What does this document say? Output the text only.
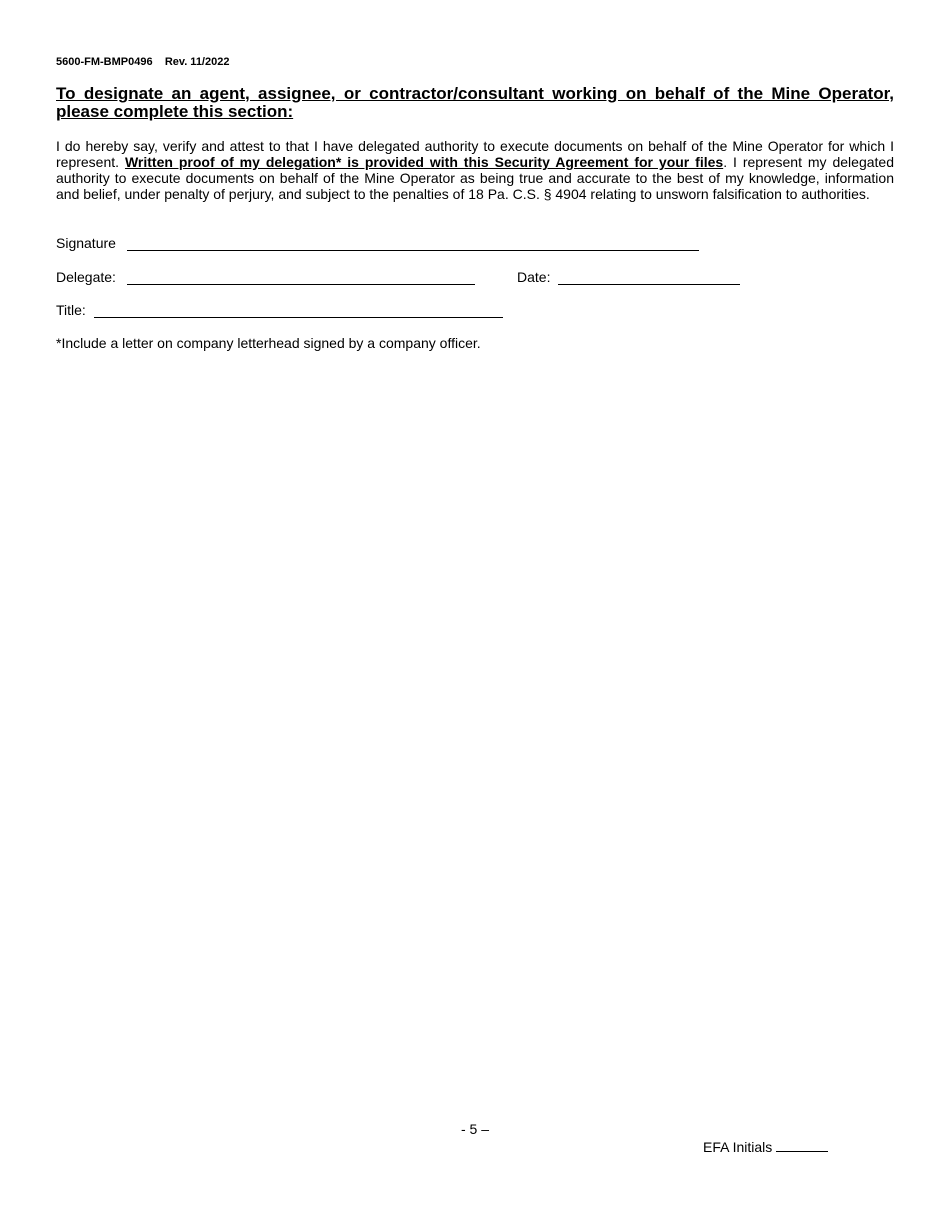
5600-FM-BMP0496 Rev. 11/2022
To designate an agent, assignee, or contractor/consultant working on behalf of the Mine Operator, please complete this section:
I do hereby say, verify and attest to that I have delegated authority to execute documents on behalf of the Mine Operator for which I represent. Written proof of my delegation* is provided with this Security Agreement for your files. I represent my delegated authority to execute documents on behalf of the Mine Operator as being true and accurate to the best of my knowledge, information and belief, under penalty of perjury, and subject to the penalties of 18 Pa. C.S. § 4904 relating to unsworn falsification to authorities.
Signature
Delegate:	Date:
Title:
*Include a letter on company letterhead signed by a company officer.
- 5 –
EFA Initials
